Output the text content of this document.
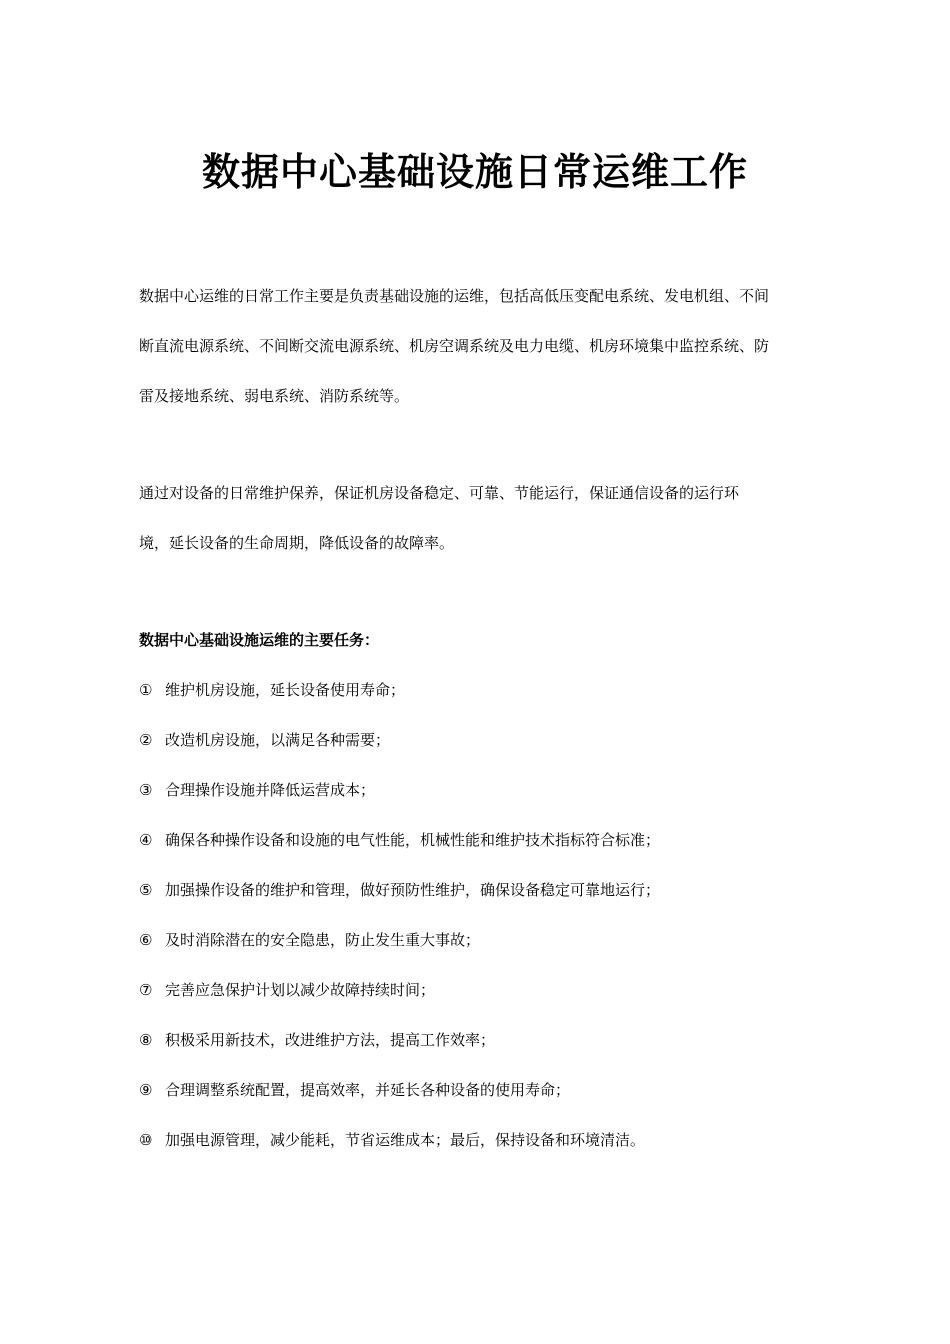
数据中心基础设施日常运维工作

数据中心运维的日常工作主要是负责基础设施的运维，包括高低压变配电系统、发电机组、不间
断直流电源系统、不间断交流电源系统、机房空调系统及电力电缆、机房环境集中监控系统、防
雷及接地系统、弱电系统、消防系统等。

通过对设备的日常维护保养，保证机房设备稳定、可靠、节能运行，保证通信设备的运行环
境，延长设备的生命周期，降低设备的故障率。

数据中心基础设施运维的主要任务：
① 维护机房设施，延长设备使用寿命；
② 改造机房设施，以满足各种需要；
③ 合理操作设施并降低运营成本；
④ 确保各种操作设备和设施的电气性能，机械性能和维护技术指标符合标准；
⑤ 加强操作设备的维护和管理，做好预防性维护，确保设备稳定可靠地运行；
⑥ 及时消除潜在的安全隐患，防止发生重大事故；
⑦ 完善应急保护计划以减少故障持续时间；
⑧ 积极采用新技术，改进维护方法，提高工作效率；
⑨ 合理调整系统配置，提高效率，并延长各种设备的使用寿命；
⑩ 加强电源管理，减少能耗，节省运维成本；最后，保持设备和环境清洁。
